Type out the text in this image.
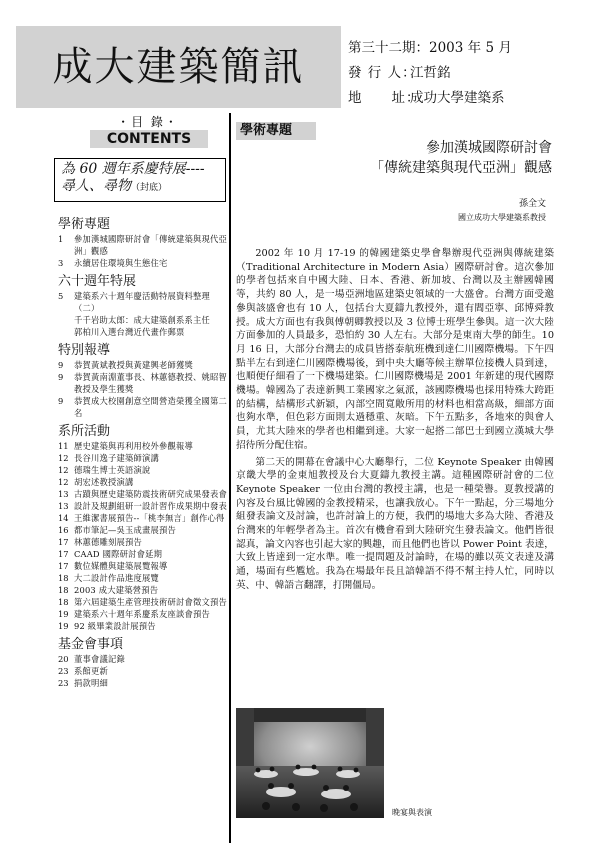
成大建築簡訊	第三十二期：2003 年 5 月
發 行 人：江哲銘
地　　址：成功大學建築系
・目 錄・
CONTENTS
為 60 週年系慶特展----
尋人、尋物（封底）
學術專題
1	參加漢城國際研討會「傳統建築與現代亞洲」觀感
3	永續居住環境與生態住宅
六十週年特展
5	建築系六十週年慶活動特展資料整理（二）
千千岩助太郎：成大建築創系系主任
郭柏川入選台灣近代畫作郵票
特別報導
9	恭賀黃斌教授與黃建興老師獲獎
9	恭賀黃南淵董事長、林蕙德教授、姚昭智教授及學生獲獎
9	恭賀成大校園創意空間營造榮獲全國第二名
系所活動
11 歷史建築與再利用校外參觀報導
12 長谷川逸子建築師演講
12 德瑞生博士英語演說
12 胡宏述教授演講
13 古蹟與歷史建築防震技術研究成果發表會
13 設計及規劃組研一設計習作成果期中發表
14 王維潔書展預告--「桃李無言」創作心得
16 都市筆記—吳玉成畫展預告
17 林蕙德雕刻展預告
17 CAAD 國際研討會延期
17 數位媒體與建築展覽報導
18 大二設計作品進度展覽
18 2003 成大建築營預告
18 第六屆建築生產管理技術研討會徵文預告
19 建築系六十週年系慶系友座談會預告
19 92 級畢業設計展預告
基金會事項
20 董事會議記錄
23 系館更新
23 捐款明細
學術專題
參加漢城國際研討會
「傳統建築與現代亞洲」觀感
孫全文
國立成功大學建築系教授

2002 年 10 月 17-19 的韓國建築史學會舉辦現代亞洲與傳統建築（Traditional Architecture in Modern Asia）國際研討會。這次參加的學者包括來自中國大陸、日本、香港、新加坡、台灣以及主辦國韓國等，共約 80 人，是一場亞洲地區建築史領域的一大盛會。台灣方面受邀參與該盛會也有 10 人，包括台大夏鑄九教授外，還有閻亞寧、邱博舜教授。成大方面也有我與傅朝卿教授以及 3 位博士班學生參與。這一次大陸方面參加的人員最多，恐怕約 30 人左右。大部分是東南大學的師生。10 月 16 日，大部分台灣去的成員皆搭泰航班機到達仁川國際機場。下午四點半左右到達仁川國際機場後，到中央大廳等候主辦單位接機人員到達，也順便仔細看了一下機場建築。仁川國際機場是 2001 年新建的現代國際機場。韓國為了表達新興工業國家之氣派，該國際機場也採用特殊大跨距的結構，結構形式新穎，內部空間寬敞所用的材料也相當高級，細部方面也夠水準，但色彩方面則太過穩重、灰暗。下午五點多，各地來的與會人員，尤其大陸來的學者也相繼到達。大家一起搭二部巴士到國立漢城大學招待所分配住宿。

第二天的開幕在會議中心大廳舉行，二位 Keynote Speaker 由韓國京畿大學的金東旭教授及台大夏鑄九教授主講。這種國際研討會的二位 Keynote Speaker 一位由台灣的教授主講，也是一種榮譽。夏教授講的內容及台風比韓國的金教授精采，也讓我放心。下午一點起，分三場地分組發表論文及討論，也許討論上的方便，我們的場地大多為大陸、香港及台灣來的年輕學者為主。首次有機會看到大陸研究生發表論文。他們皆很認真，論文內容也引起大家的興趣，而且他們也皆以 Power Point 表達，大致上皆達到一定水準。唯一提問題及討論時，在場的雖以英文表達及溝通，場面有些尷尬。我為在場最年長且諳韓語不得不幫主持人忙，同時以英、中、韓語言翻譯，打開僵局。

晚宴與表演
